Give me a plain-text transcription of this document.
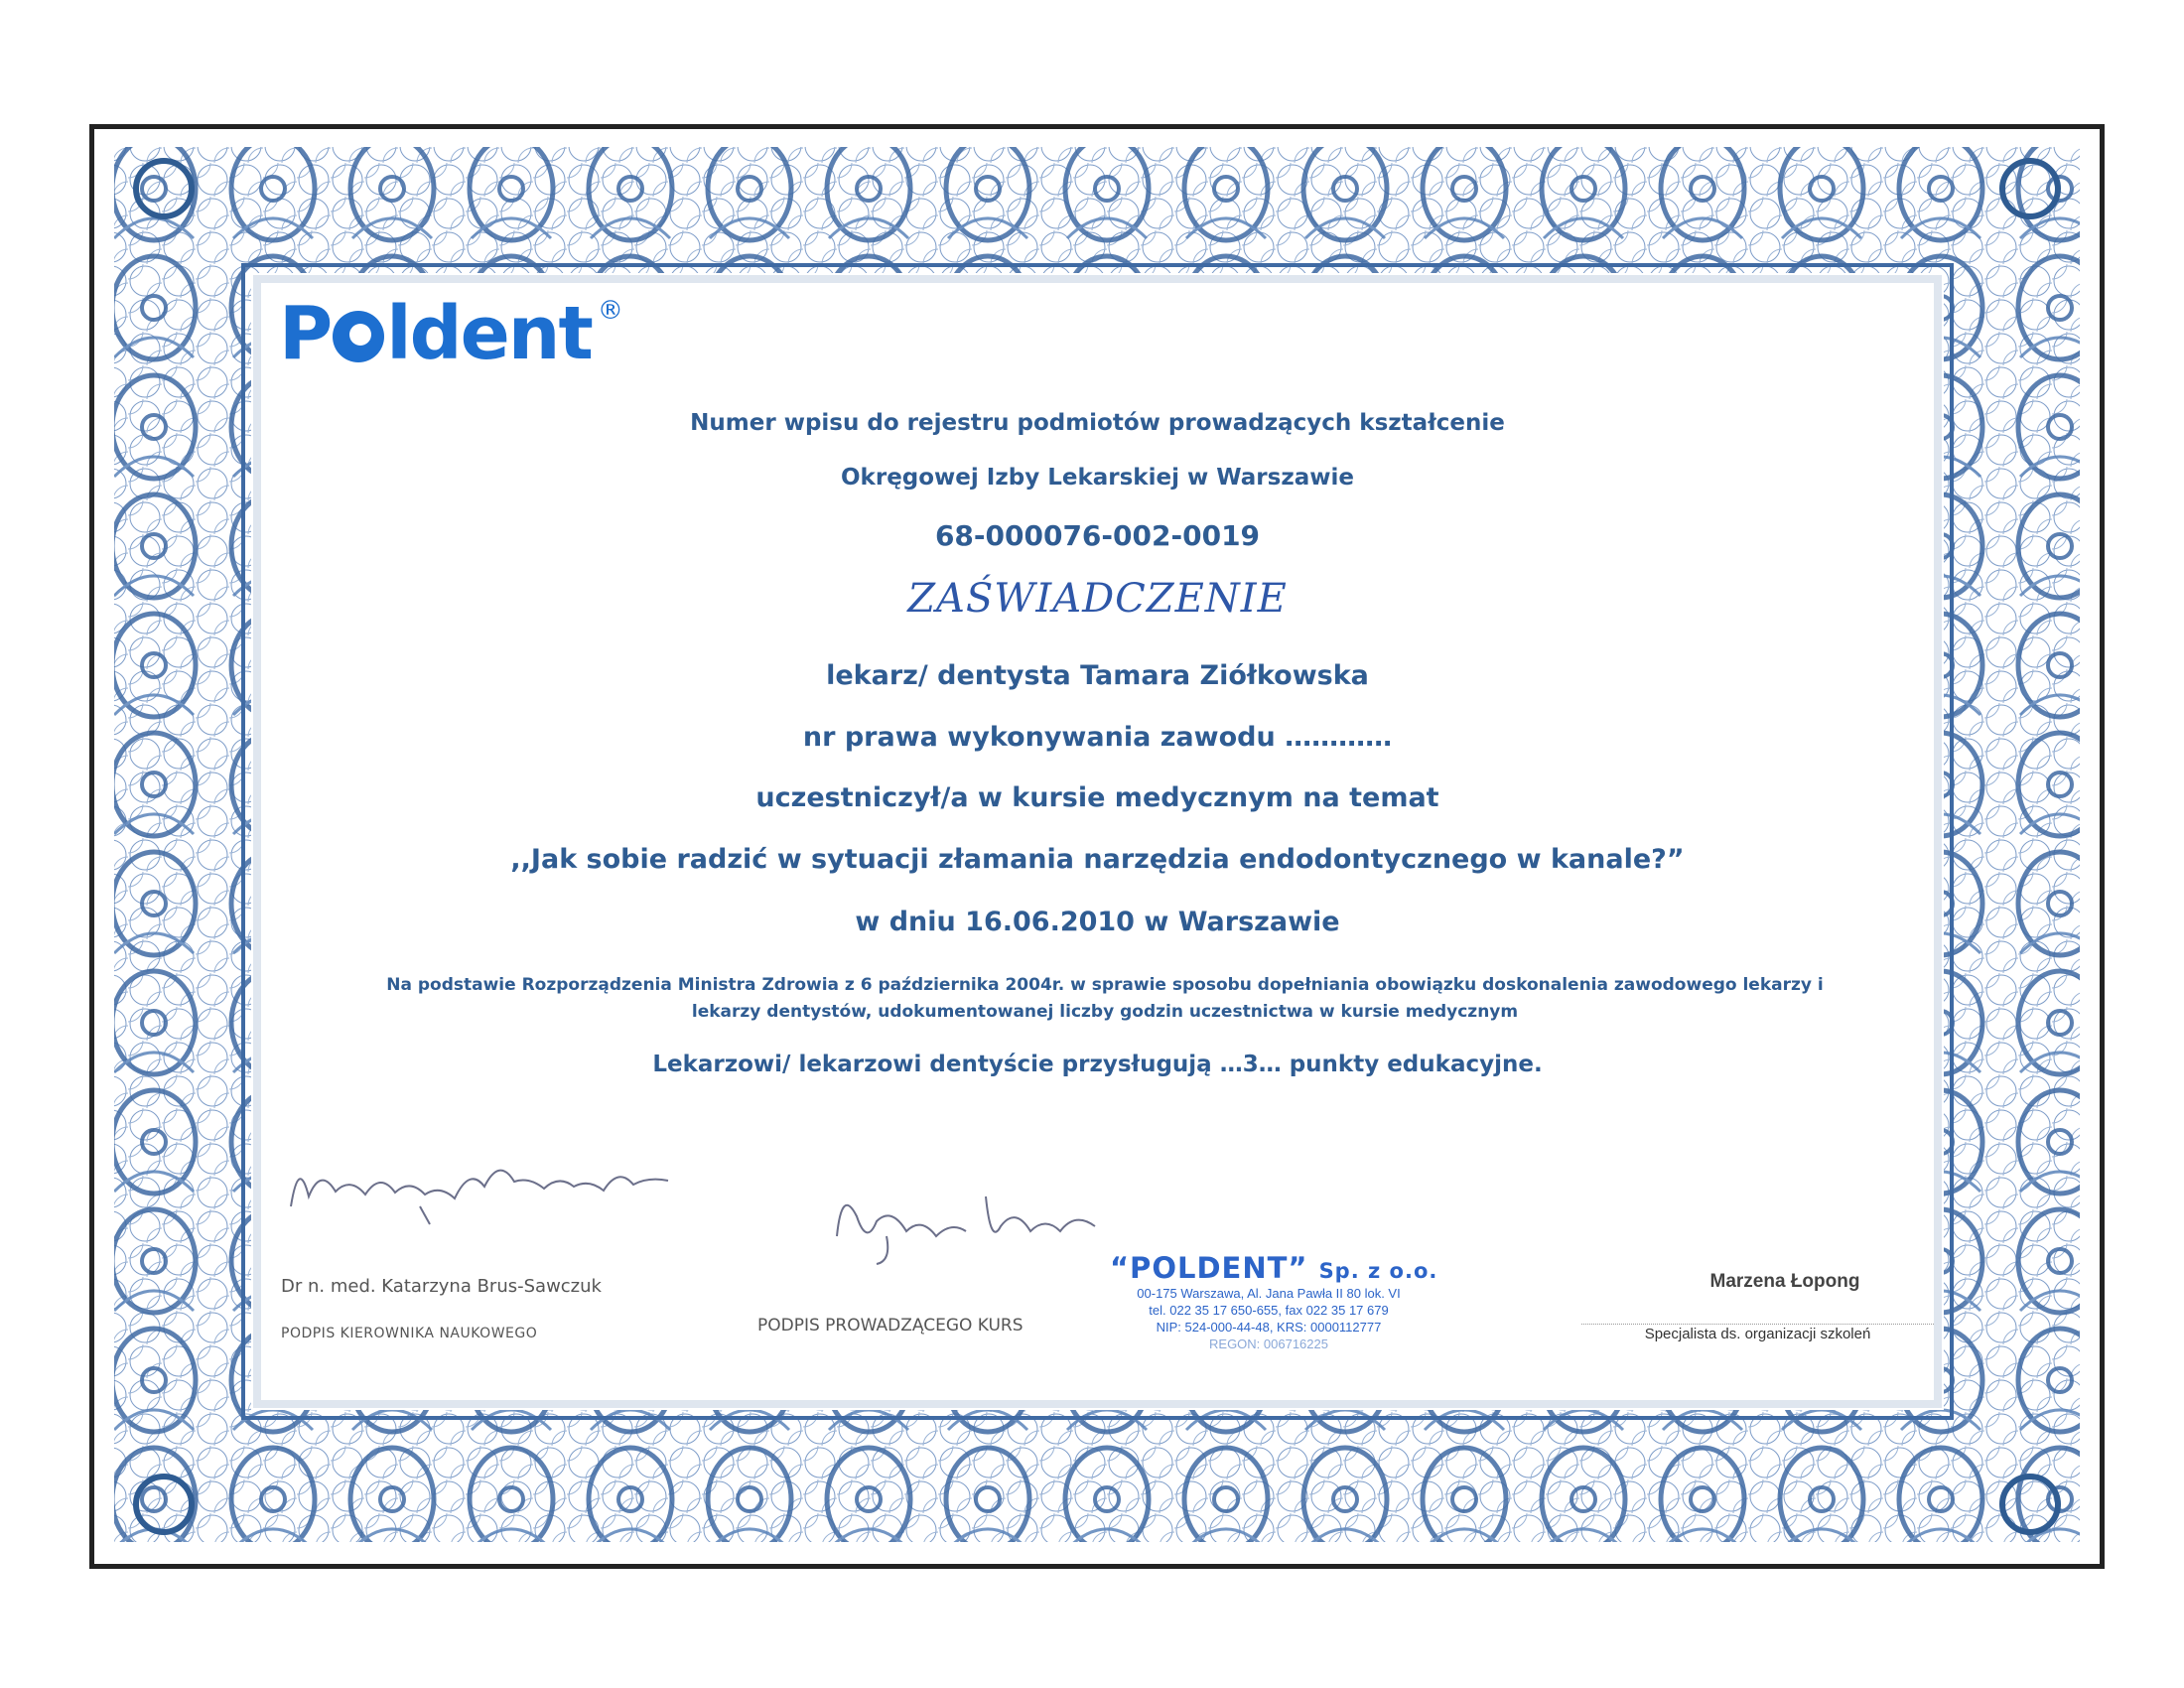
P ldent ®
Numer wpisu do rejestru podmiotów prowadzących kształcenie
Okręgowej Izby Lekarskiej w Warszawie
68-000076-002-0019
ZAŚWIADCZENIE
lekarz/ dentysta Tamara Ziółkowska
nr prawa wykonywania zawodu …………
uczestniczył/a w kursie medycznym na temat
,,Jak sobie radzić w sytuacji złamania narzędzia endodontycznego w kanale?”
w dniu 16.06.2010 w Warszawie
Na podstawie Rozporządzenia Ministra Zdrowia z 6 października 2004r. w sprawie sposobu dopełniania obowiązku doskonalenia zawodowego lekarzy i
lekarzy dentystów, udokumentowanej liczby godzin uczestnictwa w kursie medycznym
Lekarzowi/ lekarzowi dentyście przysługują …3… punkty edukacyjne.
Dr n. med. Katarzyna Brus-Sawczuk
PODPIS KIEROWNIKA NAUKOWEGO	PODPIS PROWADZĄCEGO KURS
“POLDENT” Sp. z o.o.
00-175 Warszawa, Al. Jana Pawła II 80 lok. VI
tel. 022 35 17 650-655, fax 022 35 17 679
NIP: 524-000-44-48, KRS: 0000112777
REGON: 006716225
Marzena Łopong
Specjalista ds. organizacji szkoleń
